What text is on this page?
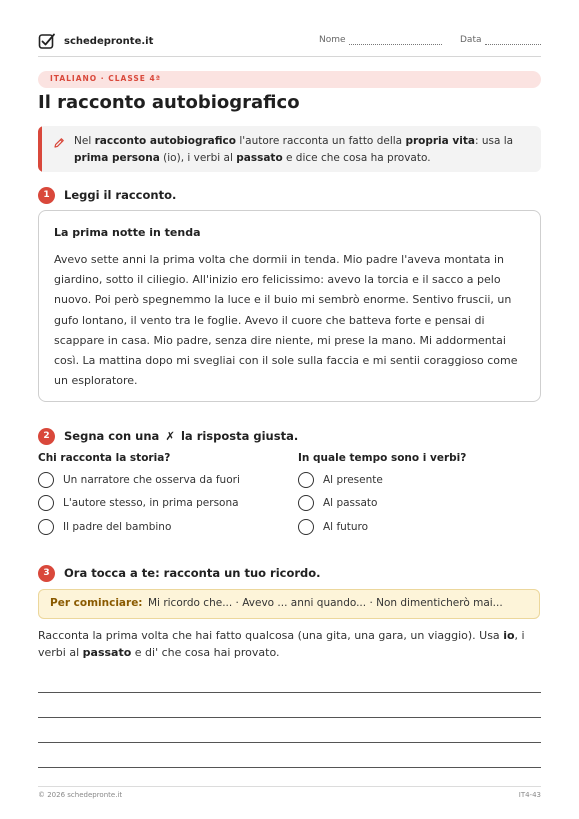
schedepronte.it	Nome	Data
ITALIANO · CLASSE 4ª
Il racconto autobiografico
Nel racconto autobiografico l'autore racconta un fatto della propria vita: usa la prima persona (io), i verbi al passato e dice che cosa ha provato.
1	Leggi il racconto.
La prima notte in tenda

Avevo sette anni la prima volta che dormii in tenda. Mio padre l'aveva montata in giardino, sotto il ciliegio. All'inizio ero felicissimo: avevo la torcia e il sacco a pelo nuovo. Poi però spegnemmo la luce e il buio mi sembrò enorme. Sentivo fruscii, un gufo lontano, il vento tra le foglie. Avevo il cuore che batteva forte e pensai di scappare in casa. Mio padre, senza dire niente, mi prese la mano. Mi addormentai così. La mattina dopo mi svegliai con il sole sulla faccia e mi sentii coraggioso come un esploratore.

2	Segna con una ✗ la risposta giusta.
Chi racconta la storia?
Un narratore che osserva da fuori
L'autore stesso, in prima persona
Il padre del bambino
In quale tempo sono i verbi?
Al presente
Al passato
Al futuro
3	Ora tocca a te: racconta un tuo ricordo.
Per cominciare: Mi ricordo che... · Avevo ... anni quando... · Non dimenticherò mai...

Racconta la prima volta che hai fatto qualcosa (una gita, una gara, un viaggio). Usa io, i verbi al passato e di' che cosa hai provato.

© 2026 schedepronte.it	IT4-43
